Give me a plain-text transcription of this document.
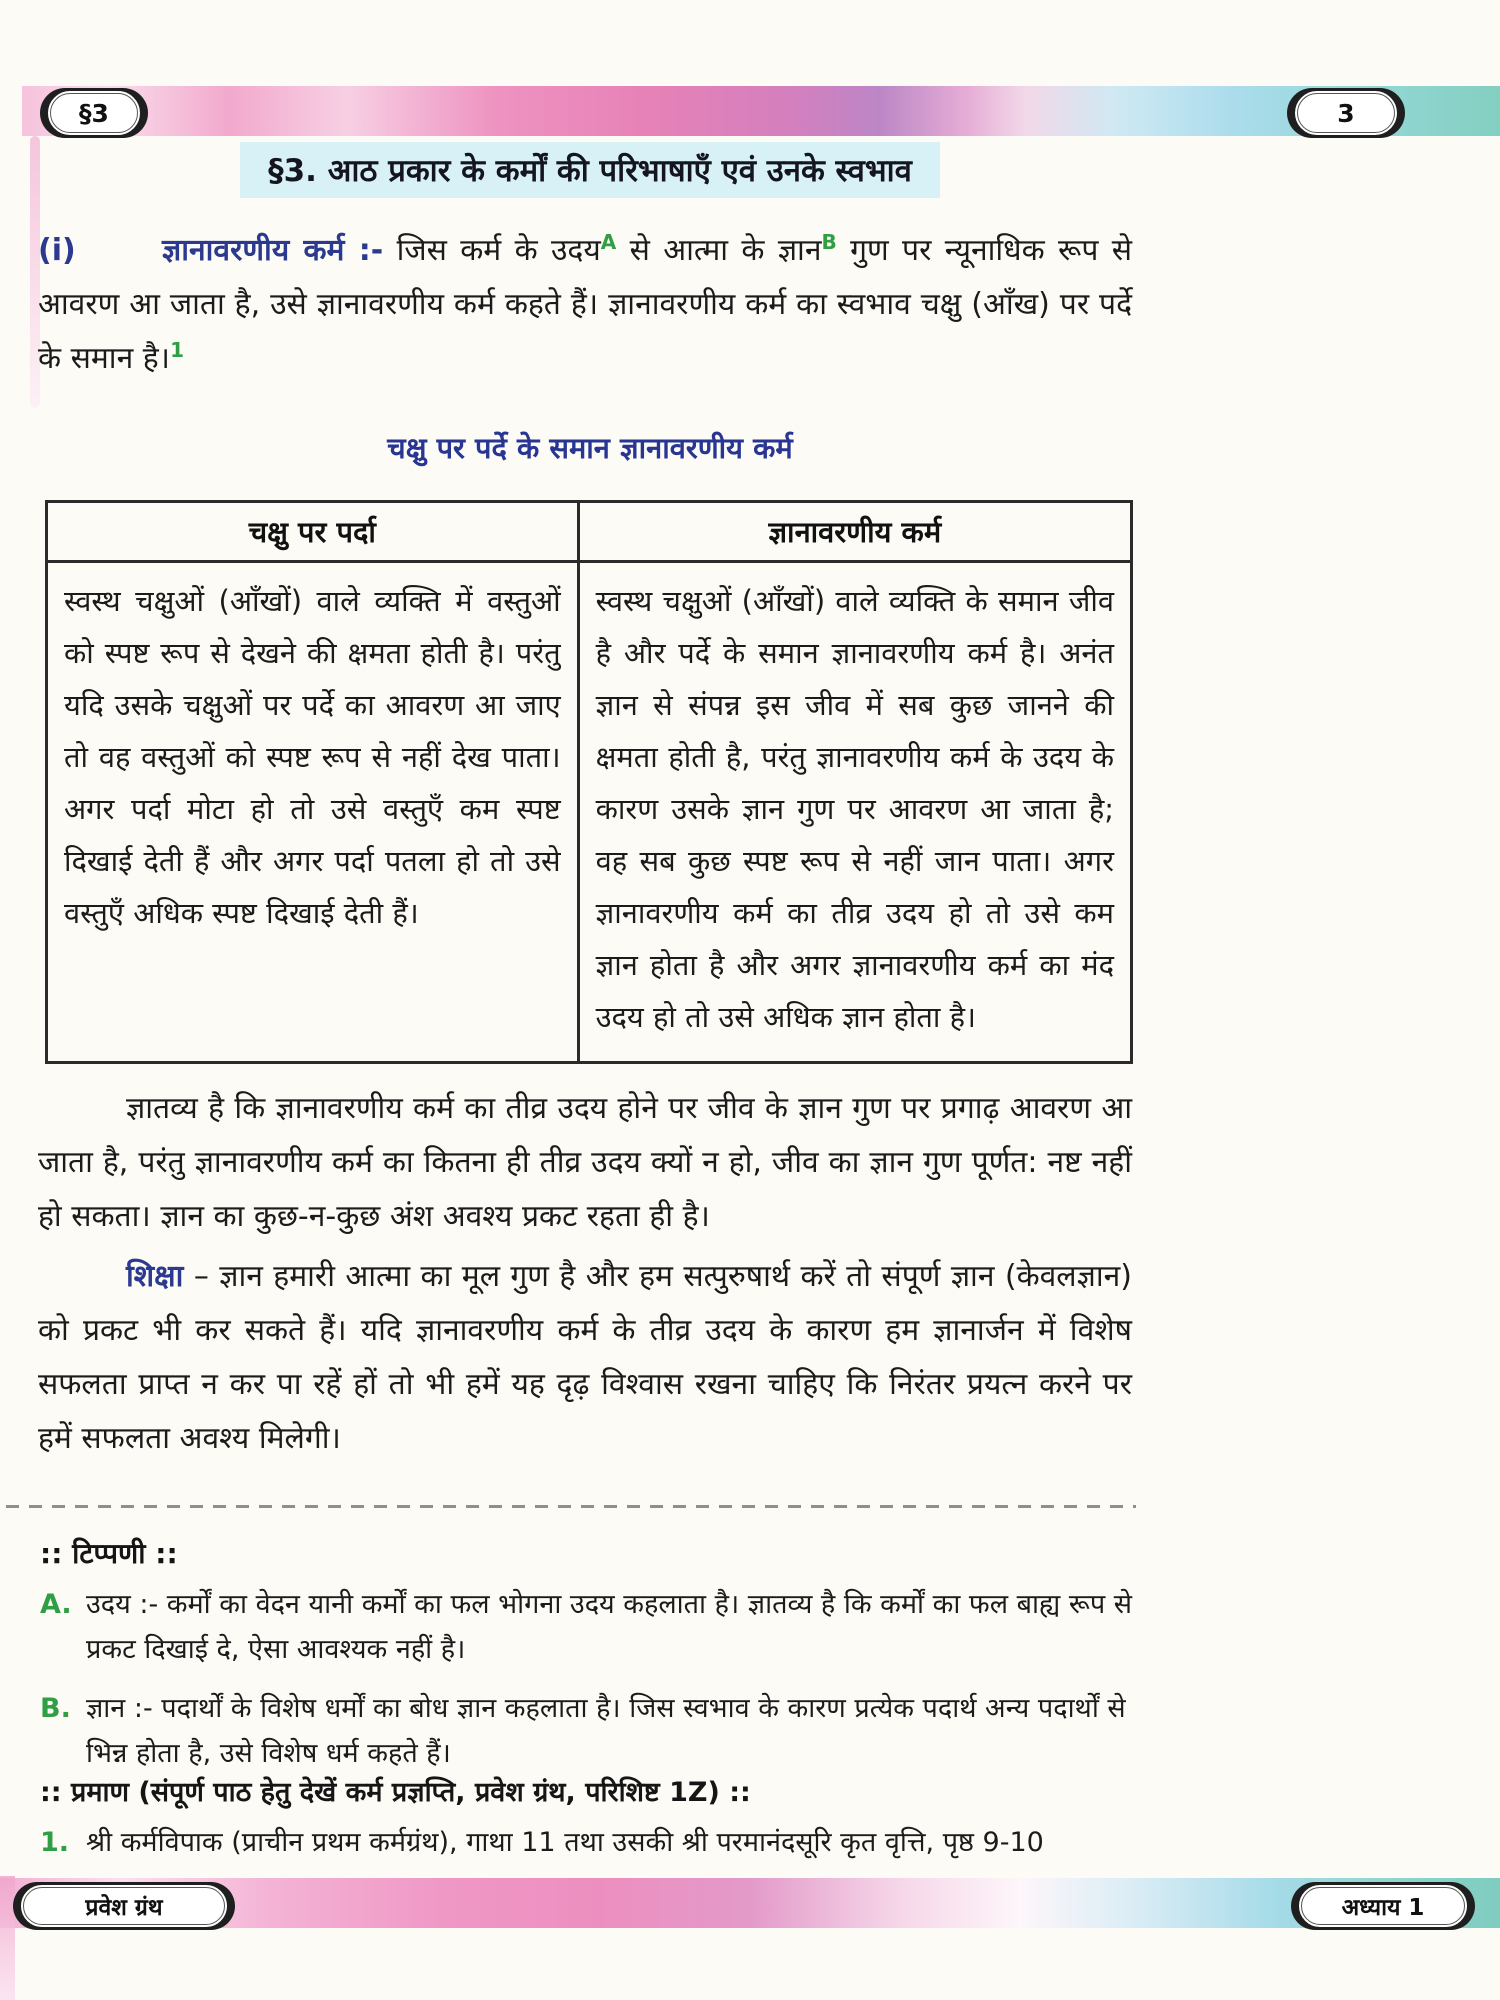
§3	3
§3. आठ प्रकार के कर्मों की परिभाषाएँ एवं उनके स्वभाव
(i)	ज्ञानावरणीय कर्म :- जिस कर्म के उदय$^A$ से आत्मा के ज्ञान$^B$ गुण पर न्यूनाधिक रूप से आवरण आ जाता है, उसे ज्ञानावरणीय कर्म कहते हैं। ज्ञानावरणीय कर्म का स्वभाव चक्षु (आँख) पर पर्दे के समान है।$^1$
चक्षु पर पर्दे के समान ज्ञानावरणीय कर्म
चक्षु पर पर्दा	ज्ञानावरणीय कर्म
स्वस्थ चक्षुओं (आँखों) वाले व्यक्ति में वस्तुओं को स्पष्ट रूप से देखने की क्षमता होती है। परंतु यदि उसके चक्षुओं पर पर्दे का आवरण आ जाए तो वह वस्तुओं को स्पष्ट रूप से नहीं देख पाता। अगर पर्दा मोटा हो तो उसे वस्तुएँ कम स्पष्ट दिखाई देती हैं और अगर पर्दा पतला हो तो उसे वस्तुएँ अधिक स्पष्ट दिखाई देती हैं।	स्वस्थ चक्षुओं (आँखों) वाले व्यक्ति के समान जीव है और पर्दे के समान ज्ञानावरणीय कर्म है। अनंत ज्ञान से संपन्न इस जीव में सब कुछ जानने की क्षमता होती है, परंतु ज्ञानावरणीय कर्म के उदय के कारण उसके ज्ञान गुण पर आवरण आ जाता है; वह सब कुछ स्पष्ट रूप से नहीं जान पाता। अगर ज्ञानावरणीय कर्म का तीव्र उदय हो तो उसे कम ज्ञान होता है और अगर ज्ञानावरणीय कर्म का मंद उदय हो तो उसे अधिक ज्ञान होता है।
ज्ञातव्य है कि ज्ञानावरणीय कर्म का तीव्र उदय होने पर जीव के ज्ञान गुण पर प्रगाढ़ आवरण आ जाता है, परंतु ज्ञानावरणीय कर्म का कितना ही तीव्र उदय क्यों न हो, जीव का ज्ञान गुण पूर्णत: नष्ट नहीं हो सकता। ज्ञान का कुछ-न-कुछ अंश अवश्य प्रकट रहता ही है।
शिक्षा – ज्ञान हमारी आत्मा का मूल गुण है और हम सत्पुरुषार्थ करें तो संपूर्ण ज्ञान (केवलज्ञान) को प्रकट भी कर सकते हैं। यदि ज्ञानावरणीय कर्म के तीव्र उदय के कारण हम ज्ञानार्जन में विशेष सफलता प्राप्त न कर पा रहें हों तो भी हमें यह दृढ़ विश्वास रखना चाहिए कि निरंतर प्रयत्न करने पर हमें सफलता अवश्य मिलेगी।
:: टिप्पणी ::
A. उदय :- कर्मों का वेदन यानी कर्मों का फल भोगना उदय कहलाता है। ज्ञातव्य है कि कर्मों का फल बाह्य रूप से प्रकट दिखाई दे, ऐसा आवश्यक नहीं है।
B. ज्ञान :- पदार्थों के विशेष धर्मों का बोध ज्ञान कहलाता है। जिस स्वभाव के कारण प्रत्येक पदार्थ अन्य पदार्थों से भिन्न होता है, उसे विशेष धर्म कहते हैं।
:: प्रमाण (संपूर्ण पाठ हेतु देखें कर्म प्रज्ञप्ति, प्रवेश ग्रंथ, परिशिष्ट 1Z) ::
1. श्री कर्मविपाक (प्राचीन प्रथम कर्मग्रंथ), गाथा 11 तथा उसकी श्री परमानंदसूरि कृत वृत्ति, पृष्ठ 9-10
प्रवेश ग्रंथ	अध्याय 1
